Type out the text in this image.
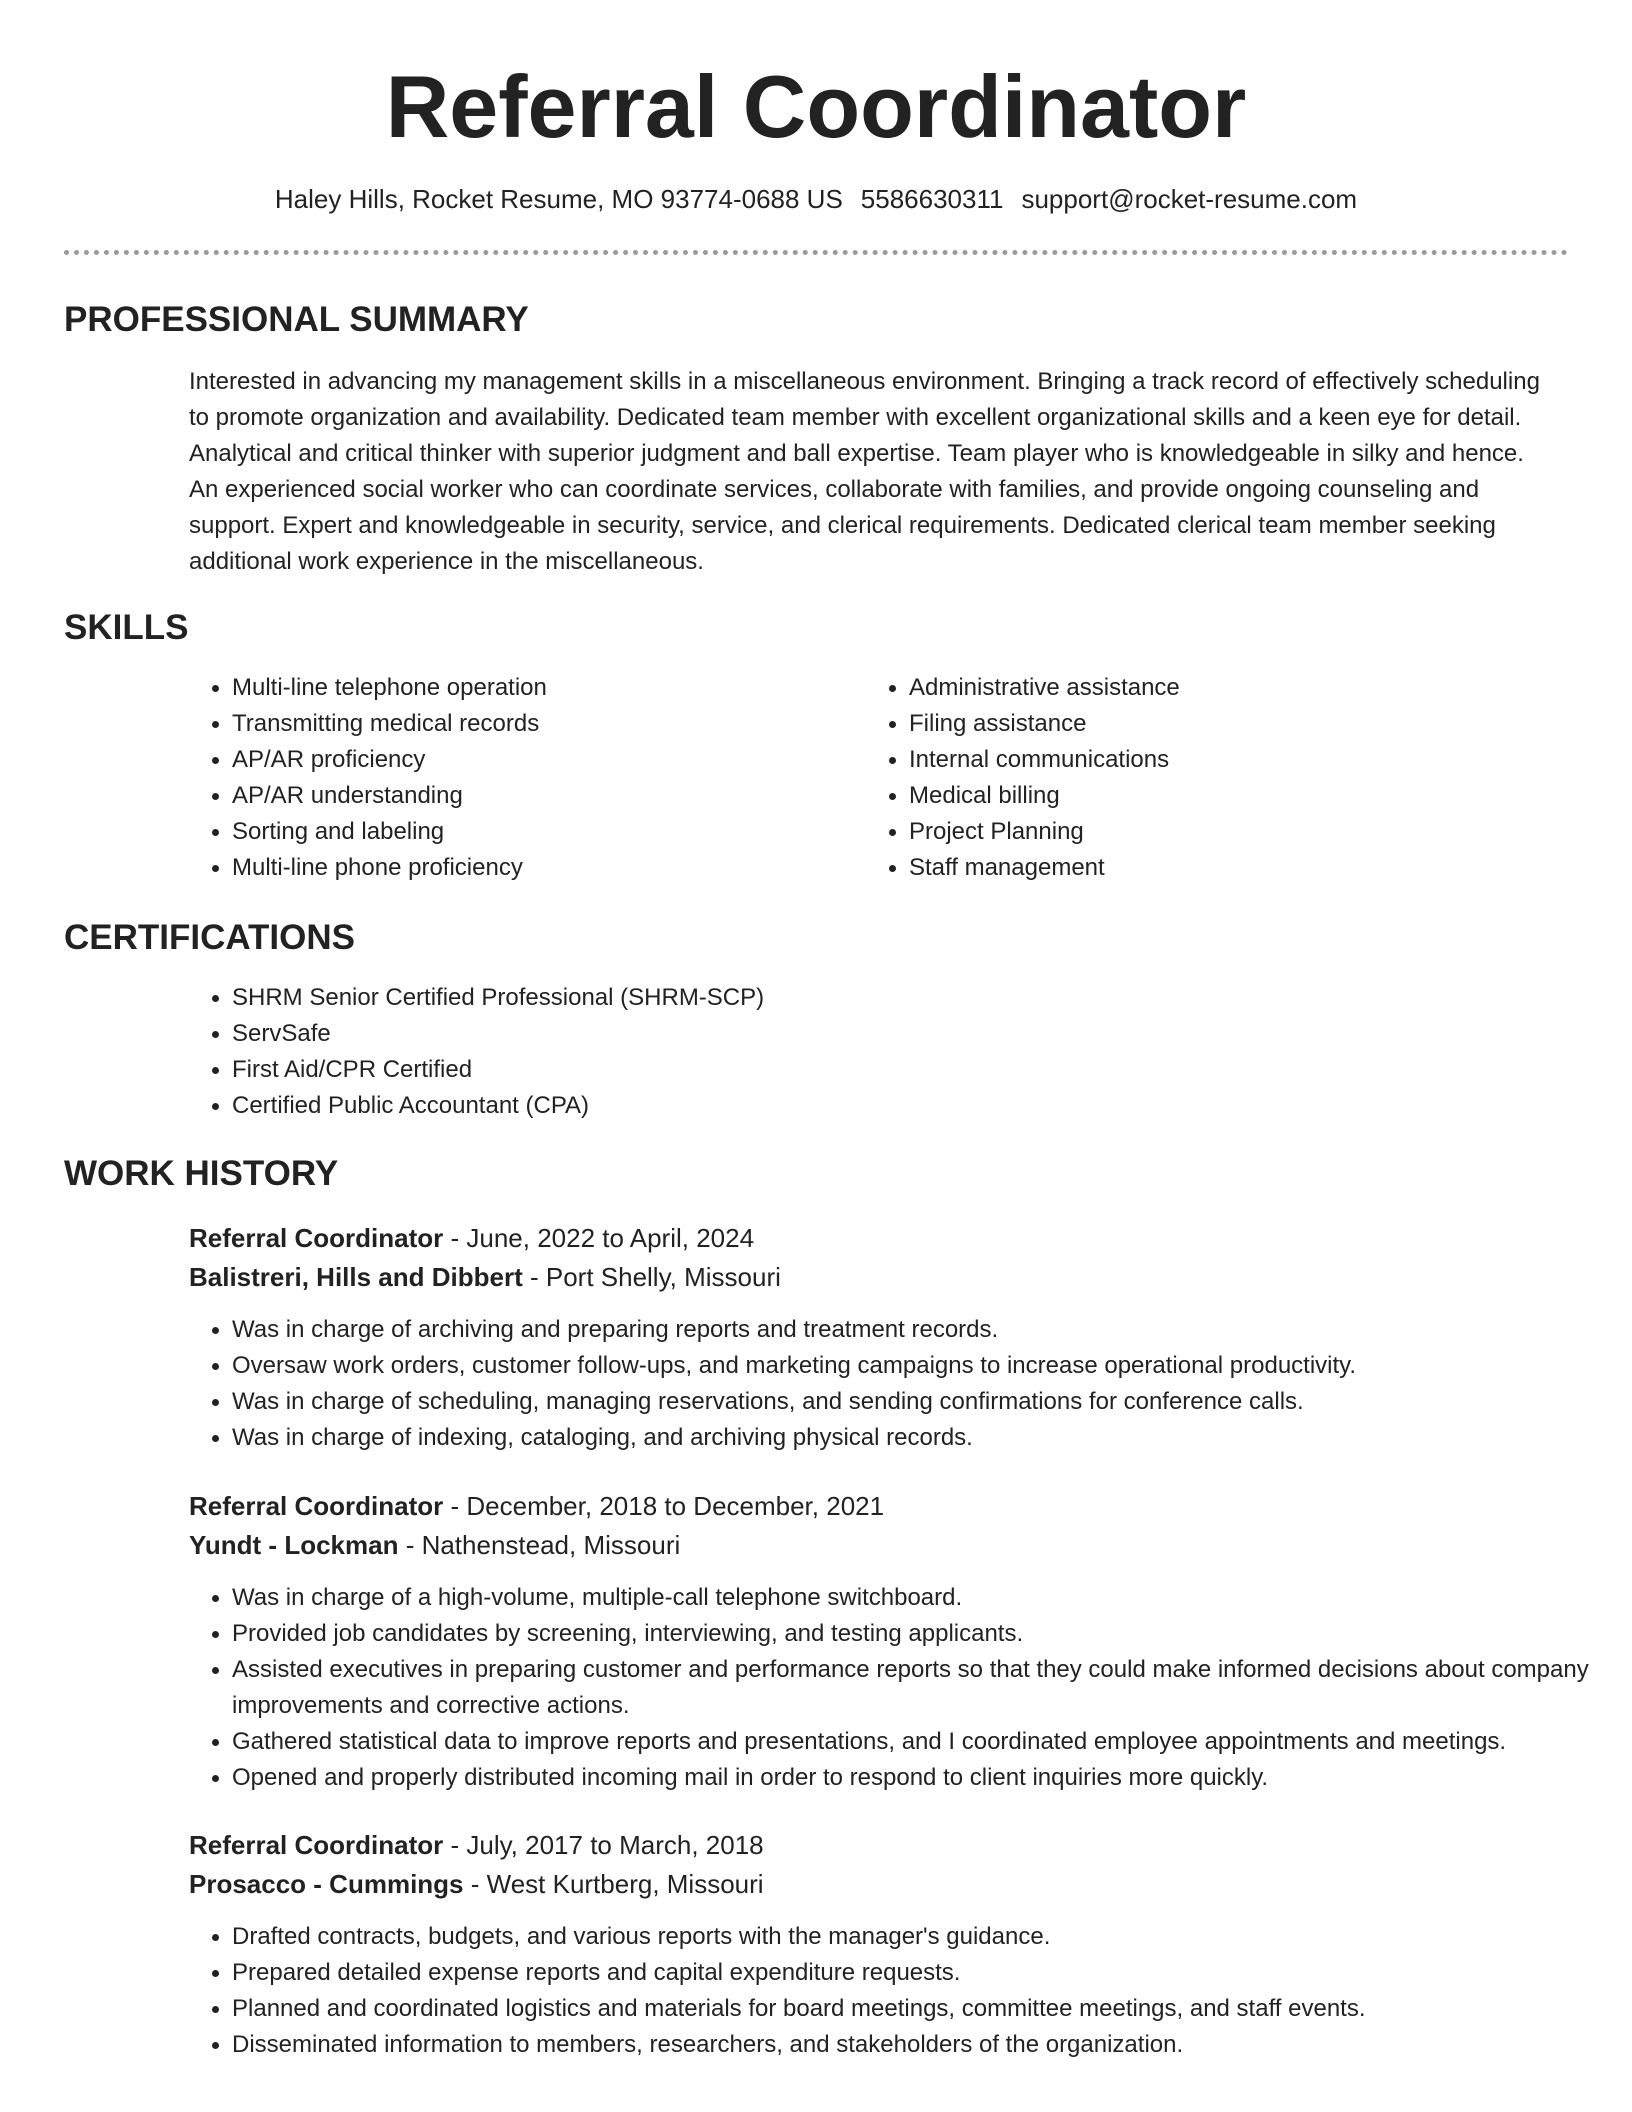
Referral Coordinator
Haley Hills, Rocket Resume, MO 93774-0688 US 5586630311 support@rocket-resume.com
PROFESSIONAL SUMMARY

Interested in advancing my management skills in a miscellaneous environment. Bringing a track record of effectively scheduling to promote organization and availability. Dedicated team member with excellent organizational skills and a keen eye for detail. Analytical and critical thinker with superior judgment and ball expertise. Team player who is knowledgeable in silky and hence. An experienced social worker who can coordinate services, collaborate with families, and provide ongoing counseling and support. Expert and knowledgeable in security, service, and clerical requirements. Dedicated clerical team member seeking additional work experience in the miscellaneous.

SKILLS
• Multi-line telephone operation
• Transmitting medical records
• AP/AR proficiency
• AP/AR understanding
• Sorting and labeling
• Multi-line phone proficiency
• Administrative assistance
• Filing assistance
• Internal communications
• Medical billing
• Project Planning
• Staff management
CERTIFICATIONS
• SHRM Senior Certified Professional (SHRM-SCP)
• ServSafe
• First Aid/CPR Certified
• Certified Public Accountant (CPA)
WORK HISTORY
Referral Coordinator - June, 2022 to April, 2024
Balistreri, Hills and Dibbert - Port Shelly, Missouri
• Was in charge of archiving and preparing reports and treatment records.
• Oversaw work orders, customer follow-ups, and marketing campaigns to increase operational productivity.
• Was in charge of scheduling, managing reservations, and sending confirmations for conference calls.
• Was in charge of indexing, cataloging, and archiving physical records.
Referral Coordinator - December, 2018 to December, 2021
Yundt - Lockman - Nathenstead, Missouri
• Was in charge of a high-volume, multiple-call telephone switchboard.
• Provided job candidates by screening, interviewing, and testing applicants.
• Assisted executives in preparing customer and performance reports so that they could make informed decisions about company improvements and corrective actions.
• Gathered statistical data to improve reports and presentations, and I coordinated employee appointments and meetings.
• Opened and properly distributed incoming mail in order to respond to client inquiries more quickly.
Referral Coordinator - July, 2017 to March, 2018
Prosacco - Cummings - West Kurtberg, Missouri
• Drafted contracts, budgets, and various reports with the manager's guidance.
• Prepared detailed expense reports and capital expenditure requests.
• Planned and coordinated logistics and materials for board meetings, committee meetings, and staff events.
• Disseminated information to members, researchers, and stakeholders of the organization.
